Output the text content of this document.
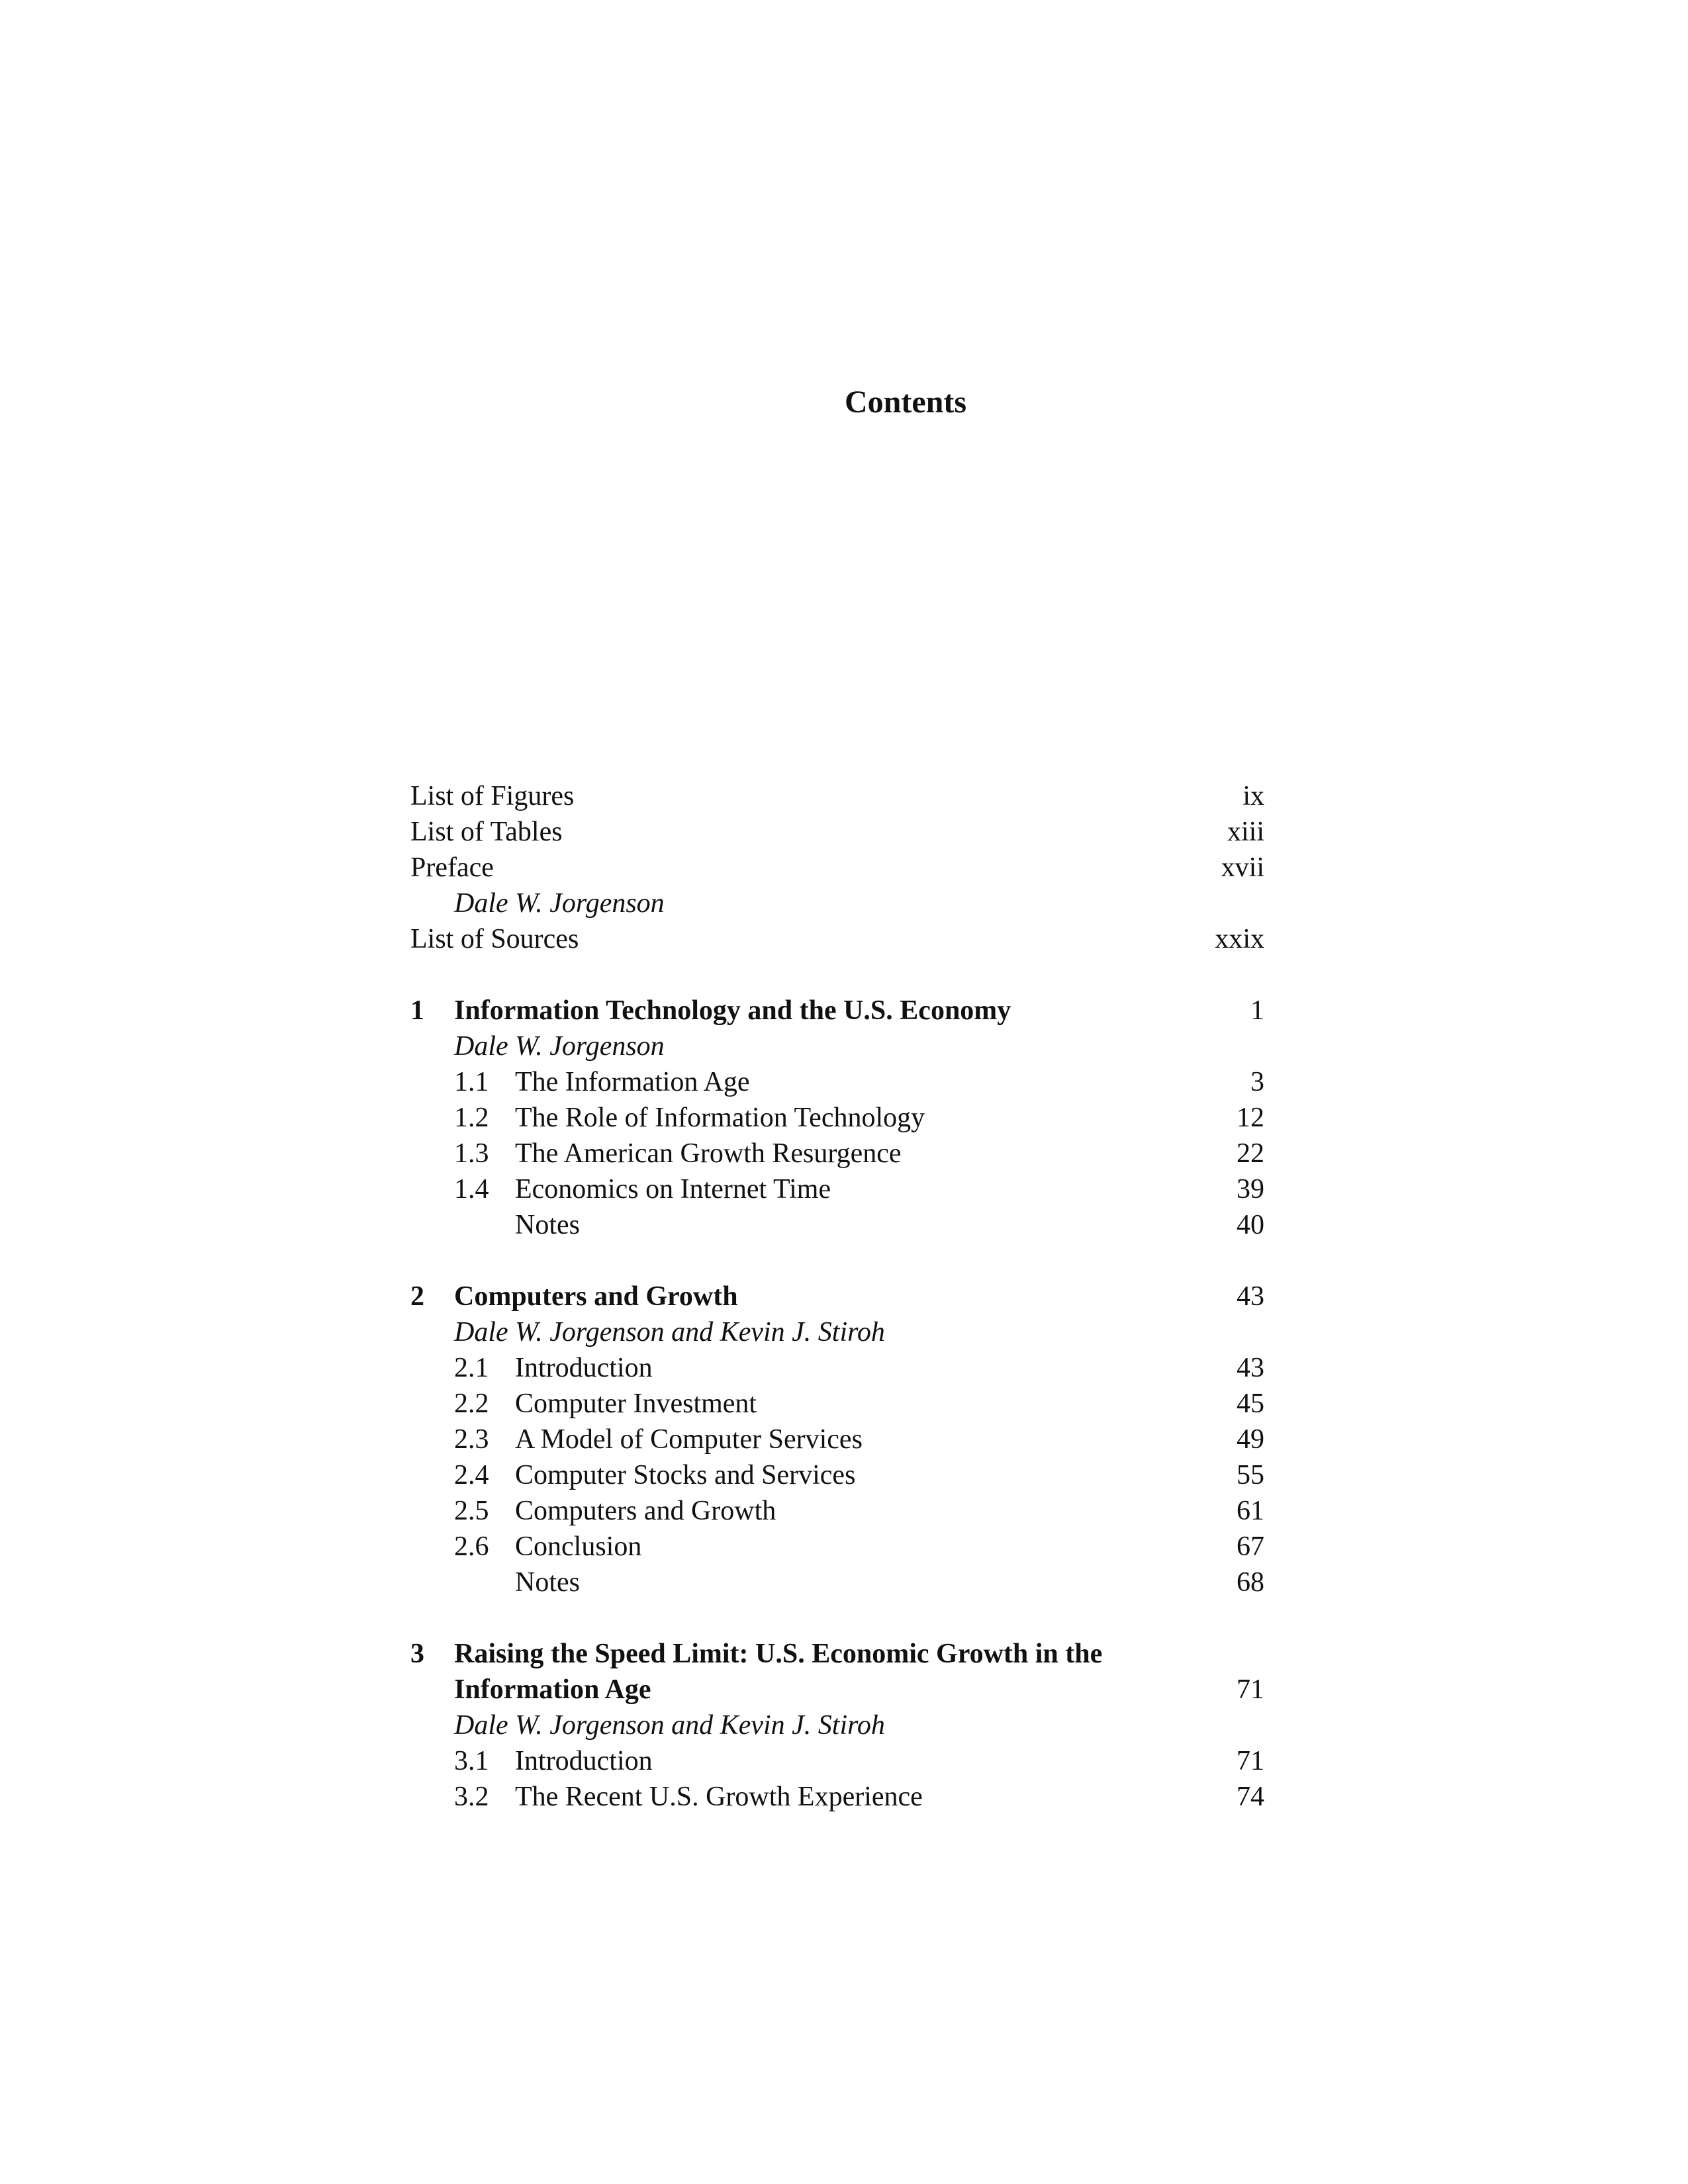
Contents
List of Figures	ix
List of Tables	xiii
Preface	xvii
Dale W. Jorgenson
List of Sources	xxix
1 Information Technology and the U.S. Economy	1
Dale W. Jorgenson
1.1 The Information Age	3
1.2 The Role of Information Technology	12
1.3 The American Growth Resurgence	22
1.4 Economics on Internet Time	39
Notes	40
2 Computers and Growth	43
Dale W. Jorgenson and Kevin J. Stiroh
2.1 Introduction	43
2.2 Computer Investment	45
2.3 A Model of Computer Services	49
2.4 Computer Stocks and Services	55
2.5 Computers and Growth	61
2.6 Conclusion	67
Notes	68
3 Raising the Speed Limit: U.S. Economic Growth in the
Information Age	71
Dale W. Jorgenson and Kevin J. Stiroh
3.1 Introduction	71
3.2 The Recent U.S. Growth Experience	74
